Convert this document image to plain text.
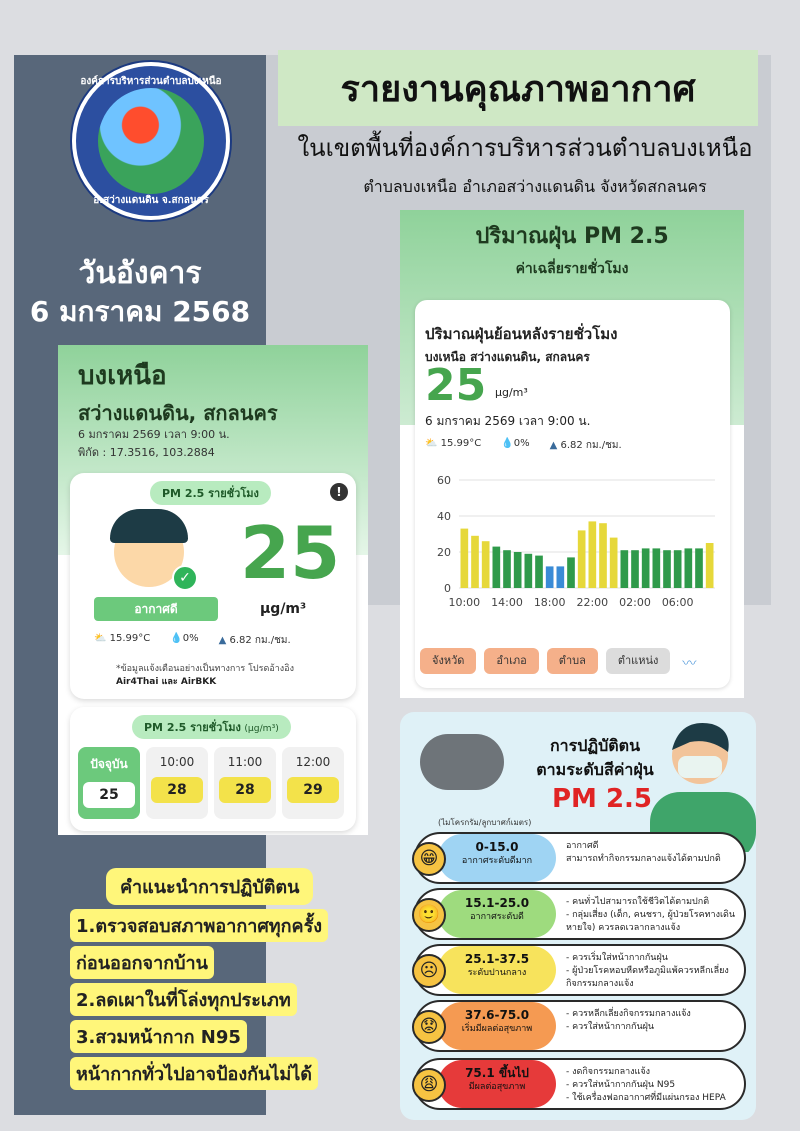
องค์การบริหารส่วนตำบลบงเหนือ
อ.สว่างแดนดิน จ.สกลนคร
วันอังคาร
6 มกราคม 2568
รายงานคุณภาพอากาศ
ในเขตพื้นที่องค์การบริหารส่วนตำบลบงเหนือ
ตำบลบงเหนือ อำเภอสว่างแดนดิน จังหวัดสกลนคร
บงเหนือ
สว่างแดนดิน, สกลนคร
6 มกราคม 2569 เวลา 9:00 น.
พิกัด : 17.3516, 103.2884
PM 2.5 รายชั่วโมง	!
✓
อากาศดี
25
µg/m³
⛅ 15.99°C 💧0% ▲ 6.82 กม./ชม.
*ข้อมูลแจ้งเตือนอย่างเป็นทางการ โปรดอ้างอิง
Air4Thai และ AirBKK
PM 2.5 รายชั่วโมง (µg/m³)
ปัจจุบัน
25
10:00
28
11:00
28
12:00
29
ปริมาณฝุ่น PM 2.5
ค่าเฉลี่ยรายชั่วโมง
ปริมาณฝุ่นย้อนหลังรายชั่วโมง
บงเหนือ สว่างแดนดิน, สกลนคร
25 µg/m³
6 มกราคม 2569 เวลา 9:00 น.
⛅ 15.99°C 💧0% ▲ 6.82 กม./ชม.
60
40
20
0
10:00 14:00 18:00 22:00 02:00 06:00
จังหวัด	อำเภอ	ตำบล	ตำแหน่ง	〰
คำแนะนำการปฏิบัติตน
1.ตรวจสอบสภาพอากาศทุกครั้ง
ก่อนออกจากบ้าน
2.ลดเผาในที่โล่งทุกประเภท
3.สวมหน้ากาก N95
หน้ากากทั่วไปอาจป้องกันไม่ได้
การปฏิบัติตน
ตามระดับสีค่าฝุ่น
PM 2.5
(ไมโครกรัม/ลูกบาศก์เมตร)
0-15.0
อากาศระดับดีมาก
😁
อากาศดี
สามารถทำกิจกรรมกลางแจ้งได้ตามปกติ
15.1-25.0
อากาศระดับดี
🙂
- คนทั่วไปสามารถใช้ชีวิตได้ตามปกติ
- กลุ่มเสี่ยง (เด็ก, คนชรา, ผู้ป่วยโรคทางเดินหายใจ) ควรลดเวลากลางแจ้ง
25.1-37.5
ระดับปานกลาง
☹
- ควรเริ่มใส่หน้ากากกันฝุ่น
- ผู้ป่วยโรคหอบหืดหรือภูมิแพ้ควรหลีกเลี่ยงกิจกรรมกลางแจ้ง
37.6-75.0
เริ่มมีผลต่อสุขภาพ
😟
- ควรหลีกเลี่ยงกิจกรรมกลางแจ้ง
- ควรใส่หน้ากากกันฝุ่น
75.1 ขึ้นไป
มีผลต่อสุขภาพ
😩
- งดกิจกรรมกลางแจ้ง
- ควรใส่หน้ากากกันฝุ่น N95
- ใช้เครื่องฟอกอากาศที่มีแผ่นกรอง HEPA
